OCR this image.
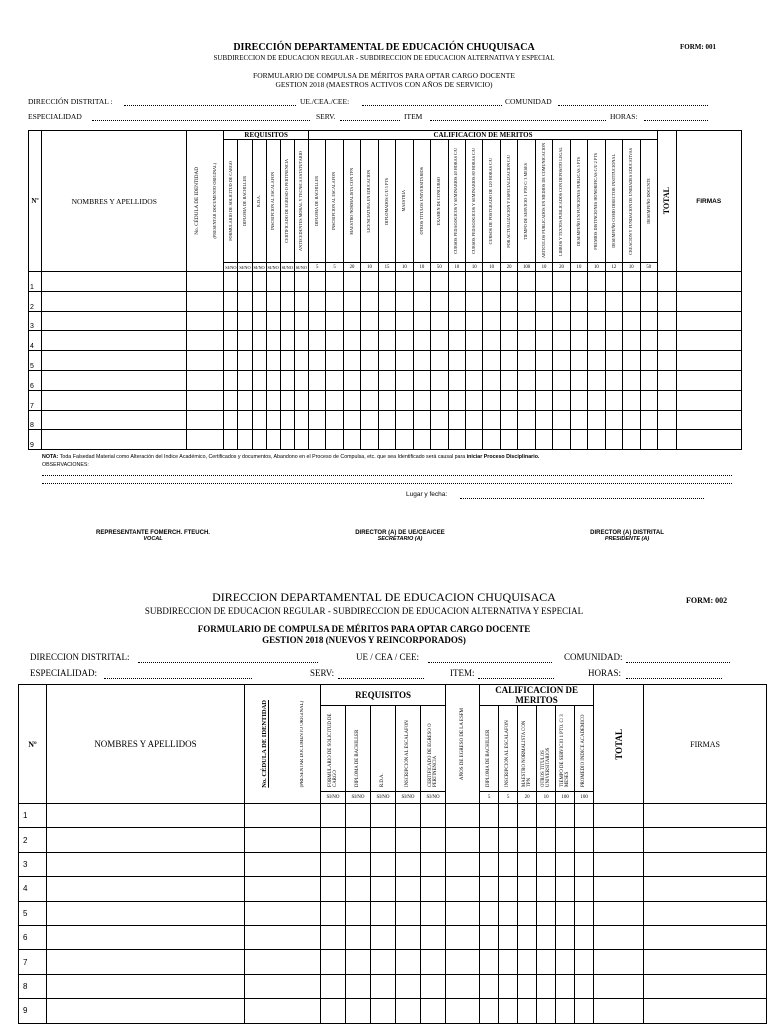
DIRECCIÓN DEPARTAMENTAL DE EDUCACIÓN CHUQUISACA	FORM: 001
SUBDIRECCION DE EDUCACION REGULAR - SUBDIRECCION DE EDUCACION ALTERNATIVA Y ESPECIAL
FORMULARIO DE COMPULSA DE MÉRITOS PARA OPTAR CARGO DOCENTE
GESTION 2018 (MAESTROS ACTIVOS CON AÑOS DE SERVICIO)
DIRECCIÓN DISTRITAL :	UE./CEA./CEE:	COMUNIDAD
ESPECIALIDAD	SERV.	ITEM	HORAS:
Nº	NOMBRES Y APELLIDOS	No. CÉDULA DE IDENTIDAD (PRESENTAR DOCUMENTO ORIGINAL)	REQUISITOS						CALIFICACION DE MERITOS																				TOTAL	FIRMAS

			FORMULARIO DE SOLICITUD DE CARGO	DIPLOMA DE BACHILLER	R.D.A.	INSCRIPCION AL ESCALAFON	CERTIFICADO DE EGRESO O PERTINENCIA	ANTECEDENTES MORAL Y TECNICA ESTATUTARIO	DIPLOMA DE BACHILLER	INSCRIPCION AL ESCALAFON	MAESTRO NORMALISTA CON TPN	LICENCIATURA EN EDUCACION	DIPLOMADOS C/U 5 PTS	MAESTRIA	OTROS TITULOS UNIVERSITARIOS	EXAMEN DE CONCURSO	CURSOS PEDAGOGICOS Y SEMINARIOS 40 HORAS C/U	CURSOS PEDAGOGICOS Y SEMINARIOS 80 HORAS C/U	CURSOS DE POSTGRADO DE 120 HORAS C/U	POR ACTUALIZACION Y ESPECIALIZACION C/U	TIEMPO DE SERVICIO 1 PTO C/ 3 MESES	ARTICULOS PUBLICADOS EN MEDIOS DE COMUNICACION	LIBROS Y TEXTOS PUBLICADOS CON DEPOSITO LEGAL	DESEMPEÑO EN FUNCIONES PUBLICAS 5 PTS	PREMIOS DISTINCIONES HONORIFICAS C/U 2 PTS	DESEMPEÑO COMO DIRECTOR INSTITUCIONAL	CREACION Y FUNDACION DE UNIDADES EDUCATIVAS	DESEMPEÑO DOCENTE		

			SI/NO	SI/NO	SI/NO	SI/NO	SI/NO	SI/NO	5	5	20	10	15	10	10	50	10	10	10	20	100	10	20	10	10	12	10	50		
1																														
2																														
3																														
4																														
5																														
6																														
7																														
8																														
9																														
NOTA: Toda Falsedad Material como Alteración del Indice Académico, Certificados y documentos, Abandono en el Proceso de Compulsa, etc. que sea Identificado será causal para iniciar Proceso Disciplinario.
OBSERVACIONES:
Lugar y fecha:
REPRESENTANTE FOMERCH. FTEUCH.
VOCAL
DIRECTOR (A) DE UE/CEA/CEE
SECRETARIO (A)
DIRECTOR (A) DISTRITAL
PRESIDENTE (A)
DIRECCION DEPARTAMENTAL DE EDUCACION CHUQUISACA	FORM: 002
SUBDIRECCION DE EDUCACION REGULAR - SUBDIRECCION DE EDUCACION ALTERNATIVA Y ESPECIAL
FORMULARIO DE COMPULSA DE MÉRITOS PARA OPTAR CARGO DOCENTE
GESTION 2018 (NUEVOS Y REINCORPORADOS)
DIRECCION DISTRITAL:	UE / CEA / CEE:	COMUNIDAD:
ESPECIALIDAD:	SERV:	ITEM:	HORAS:
Nº	NOMBRES Y APELLIDOS	No. CÉDULA DE IDENTIDAD (PRESENTAR DOCUMENTO ORIGINAL)	REQUISITOS					AÑOS DE EGRESO DE LA ESFM	CALIFICACION DE MERITOS						TOTAL	FIRMAS

			FORMULARIO DE SOLICITUD DE CARGO	DIPLOMA DE BACHILLER	R.D.A.	INSCRIPCION AL ESCALAFON	CERTIFICADO DE EGRESO O PERTINENCIA		DIPLOMA DE BACHILLER	INSCRIPCION AL ESCALAFON	MAESTRO NORMALISTA CON TPN	OTROS TITULOS UNIVERSITARIOS	TIEMPO DE SERVICIO 1 PTO. C/ 3 MESES	PROMEDIO INDICE ACADEMICO		

			SI/NO	SI/NO	SI/NO	SI/NO	SI/NO		5	5	20	10	100	100		
1																
2																
3																
4																
5																
6																
7																
8																
9																
